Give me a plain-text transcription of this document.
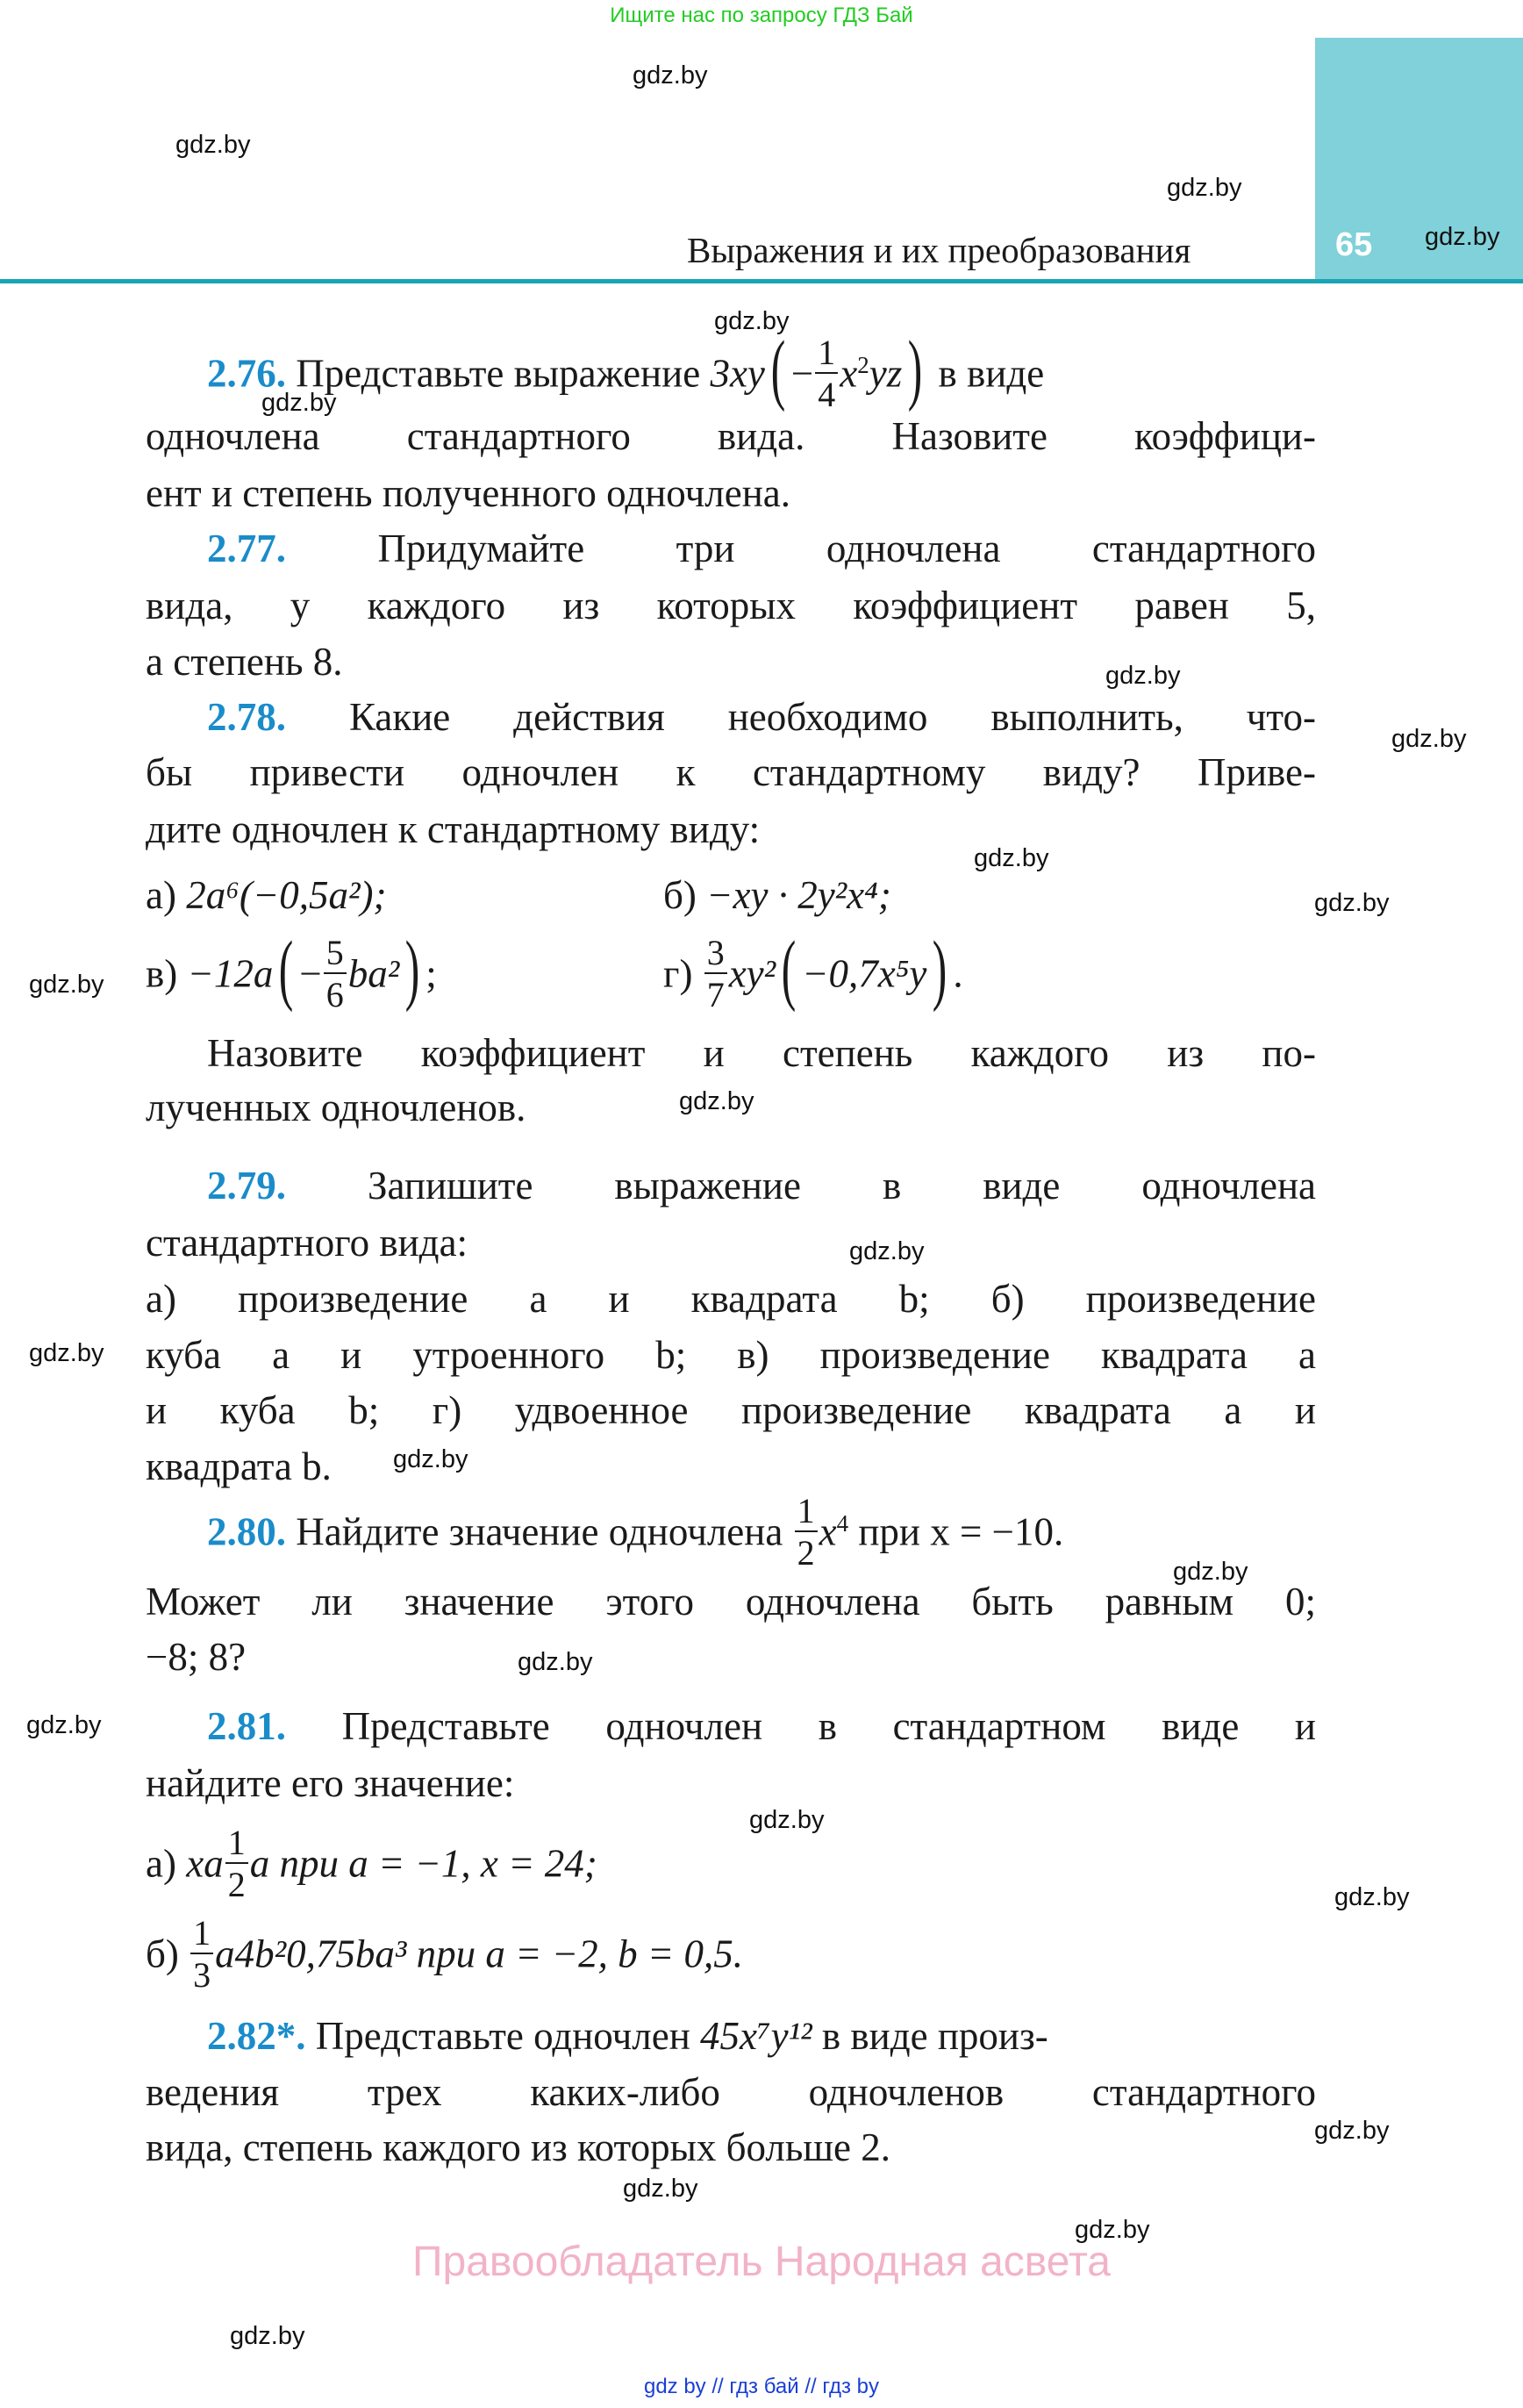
Ищите нас по запросу ГДЗ Бай
65
Выражения и их преобразования
2.76. Представьте выражение $3xy( - \frac{1}{4} x^2yz)$ в виде
одночлена стандартного вида. Назовите коэффици-
ент и степень полученного одночлена.
2.77. Придумайте три одночлена стандартного
вида, у каждого из которых коэффициент равен 5,
а степень 8.
2.78. Какие действия необходимо выполнить, что-
бы привести одночлен к стандартному виду? Приве-
дите одночлен к стандартному виду:
а) 2a⁶(−0,5a²);	б) −xy · 2y²x⁴;
$в) -12a( - \frac{5}{6} ba^2)$ ;	$г) \frac{3}{7} xy^2( -0,7x^5y)$ .
Назовите коэффициент и степень каждого из по-
лученных одночленов.
2.79. Запишите выражение в виде одночлена
стандартного вида:
а) произведение a и квадрата b; б) произведение
куба a и утроенного b; в) произведение квадрата a
и куба b; г) удвоенное произведение квадрата a и
квадрата b.
2.80. Найдите значение одночлена $\frac{1}{2} x^4$ при x = −10.
Может ли значение этого одночлена быть равным 0;
−8; 8?
2.81. Представьте одночлен в стандартном виде и
найдите его значение:
а) xa $\frac{1}{2}$ a при a = −1, x = 24;
$б) \frac{1}{3} a4b^20,75ba^3$ при a = −2, b = 0,5.
2.82*. Представьте одночлен 45x⁷y¹² в виде произ-
ведения трех каких-либо одночленов стандартного
вида, степень каждого из которых больше 2.
Правообладатель Народная асвета
gdz by // гдз бай // гдз by
gdz.by
gdz.by
gdz.by
gdz.by
gdz.by
gdz.by
gdz.by
gdz.by
gdz.by
gdz.by
gdz.by
gdz.by
gdz.by
gdz.by
gdz.by
gdz.by
gdz.by
gdz.by
gdz.by
gdz.by
gdz.by
gdz.by
gdz.by
gdz.by
